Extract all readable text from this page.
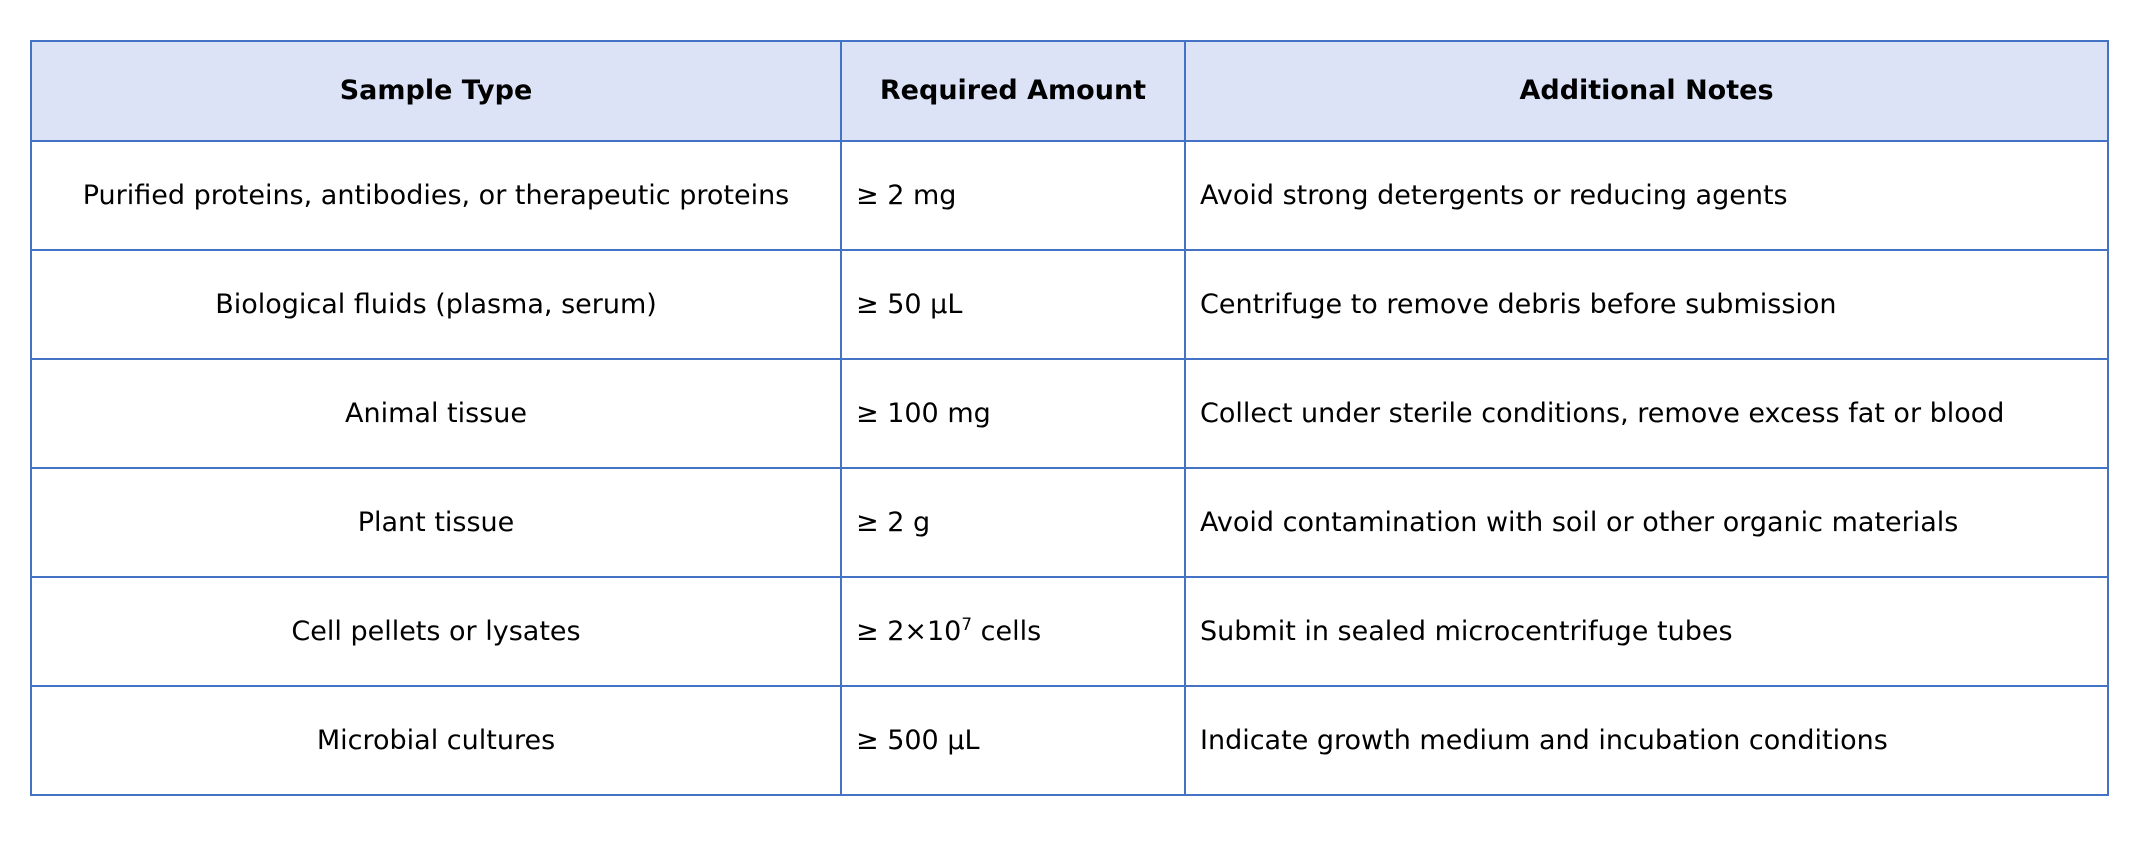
Sample Type	Required Amount	Additional Notes
Purified proteins, antibodies, or therapeutic proteins	≥ 2 mg	Avoid strong detergents or reducing agents
Biological fluids (plasma, serum)	≥ 50 µL	Centrifuge to remove debris before submission
Animal tissue	≥ 100 mg	Collect under sterile conditions, remove excess fat or blood
Plant tissue	≥ 2 g	Avoid contamination with soil or other organic materials
Cell pellets or lysates	≥ $2\times 10^7$ cells	Submit in sealed microcentrifuge tubes
Microbial cultures	≥ 500 µL	Indicate growth medium and incubation conditions
